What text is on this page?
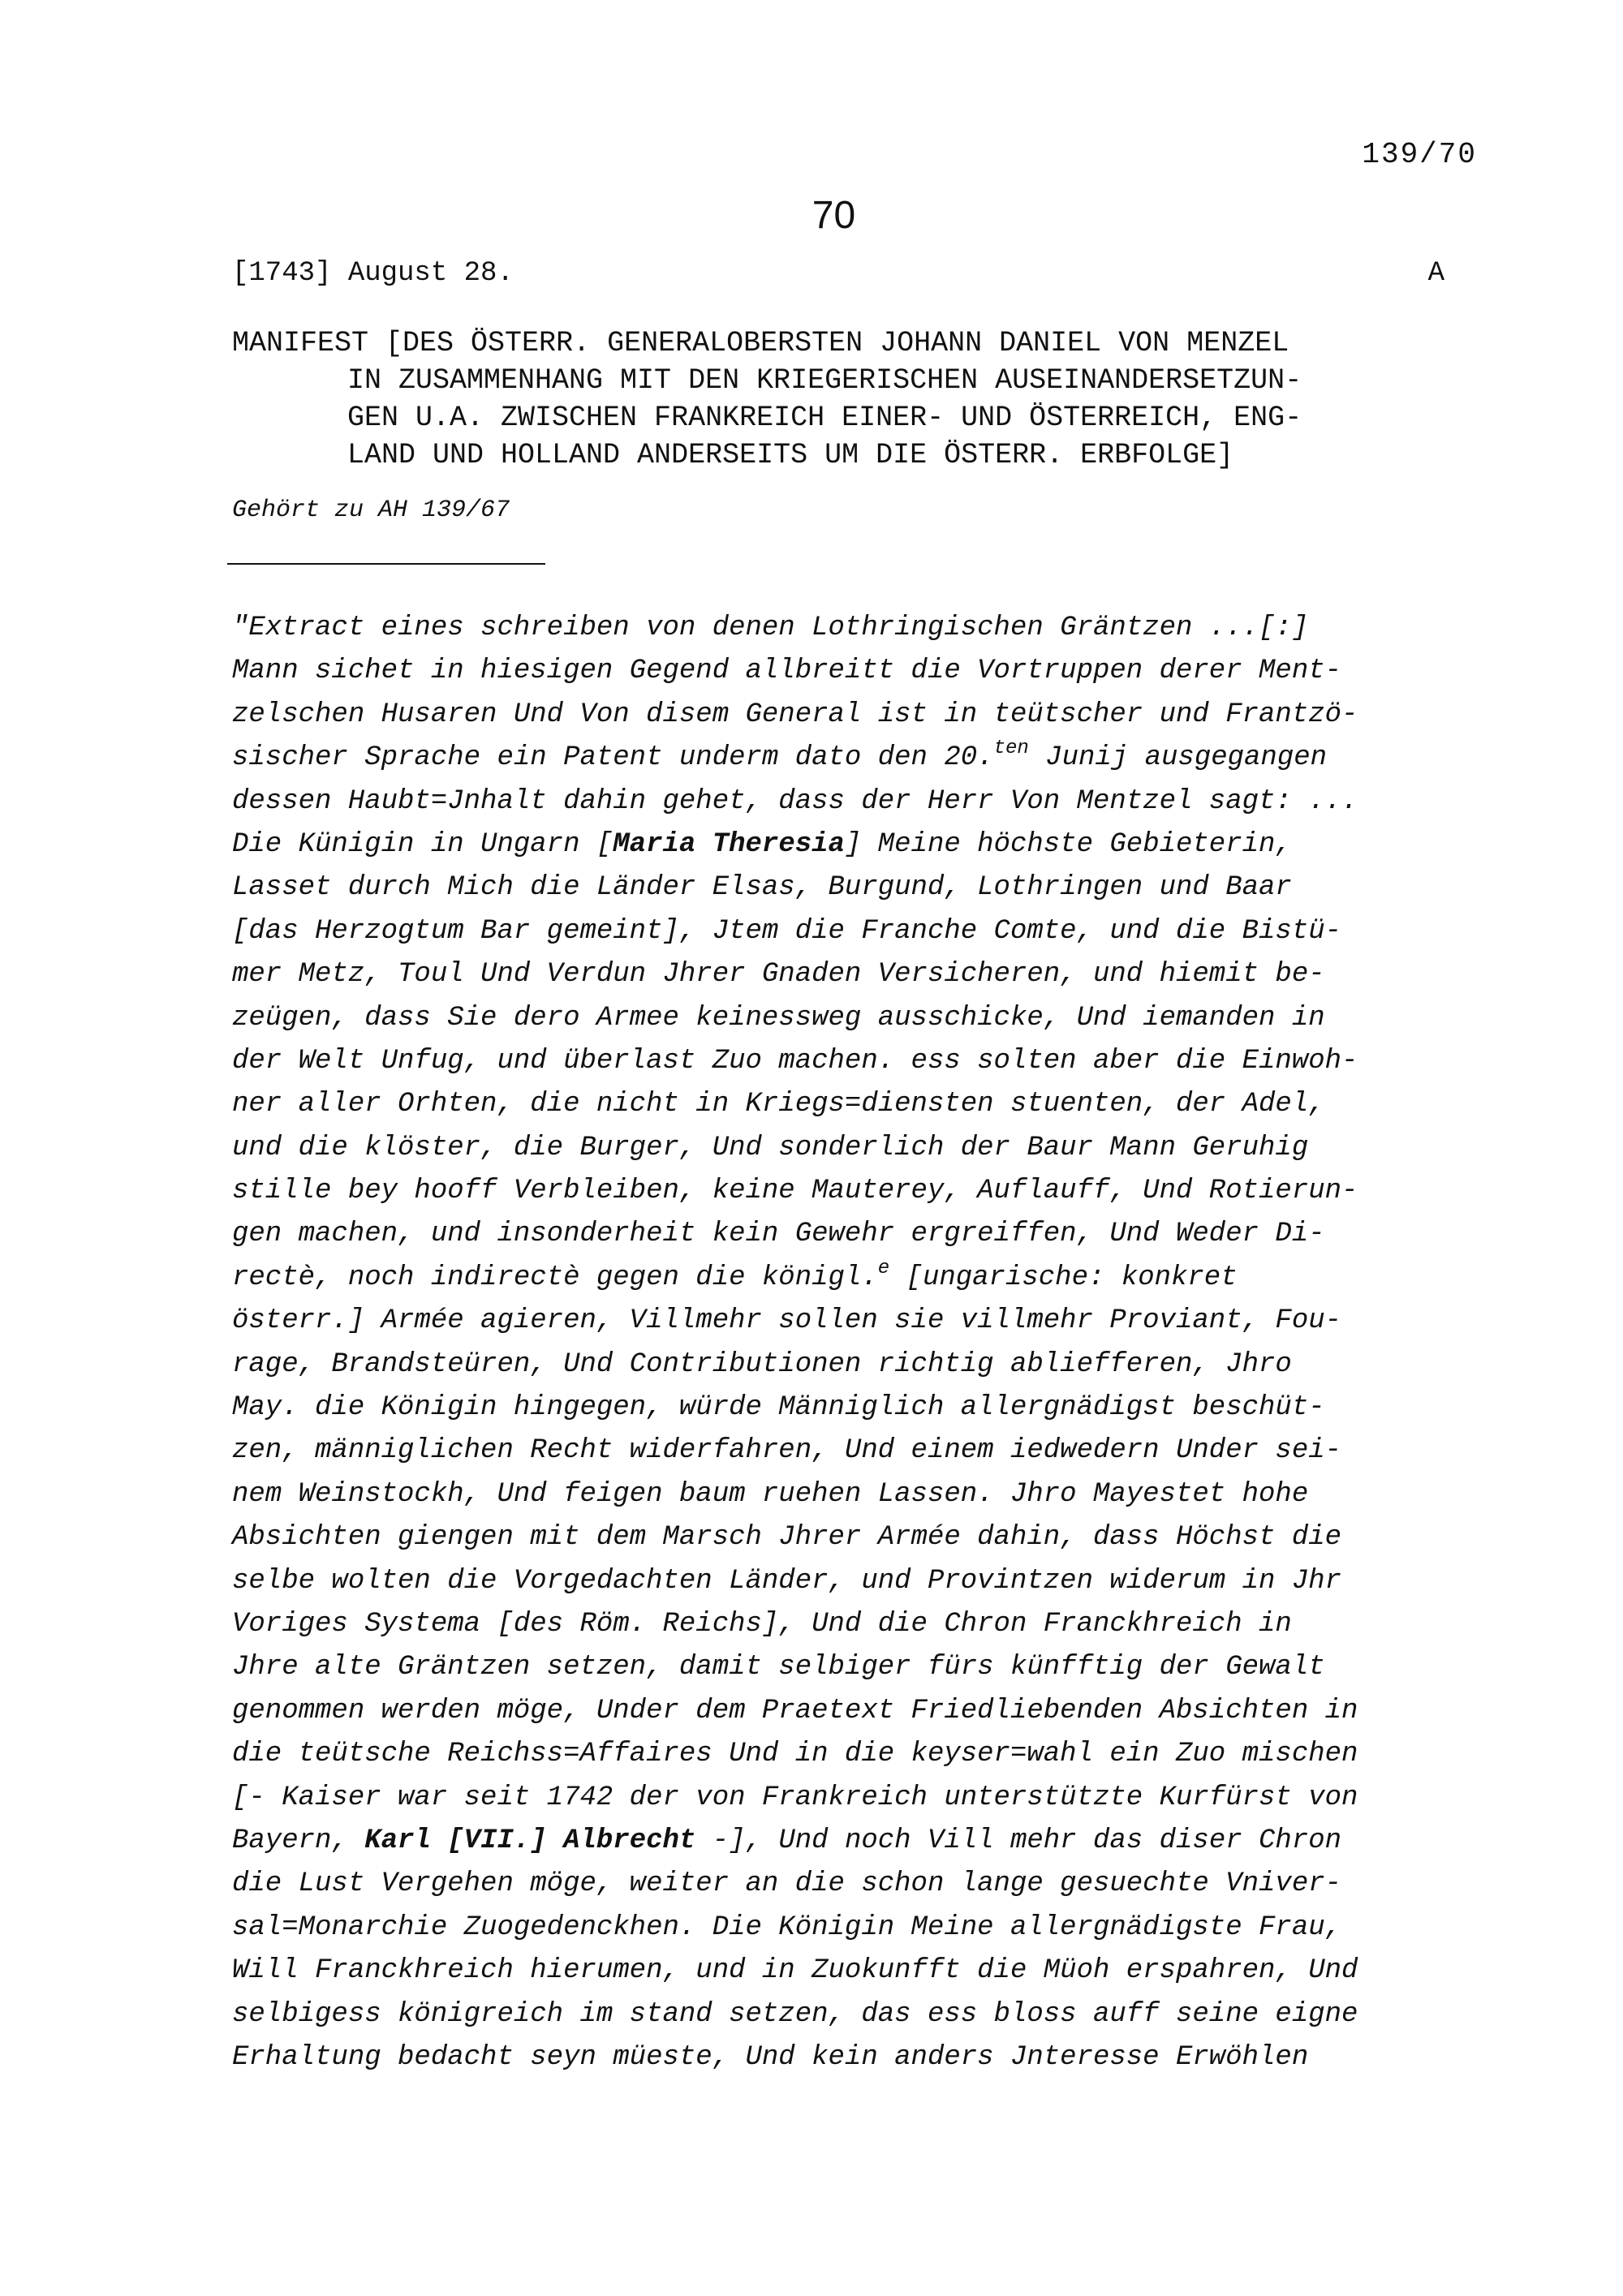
139/70
70
[1743] August 28.	A
MANIFEST [DES ÖSTERR. GENERALOBERSTEN JOHANN DANIEL VON MENZEL
IN ZUSAMMENHANG MIT DEN KRIEGERISCHEN AUSEINANDERSETZUN-
GEN U.A. ZWISCHEN FRANKREICH EINER- UND ÖSTERREICH, ENG-
LAND UND HOLLAND ANDERSEITS UM DIE ÖSTERR. ERBFOLGE]
Gehört zu AH 139/67
"Extract eines schreiben von denen Lothringischen Gräntzen ...[:]
Mann sichet in hiesigen Gegend allbreitt die Vortruppen derer Ment-
zelschen Husaren Und Von disem General ist in teütscher und Frantzö-
sischer Sprache ein Patent underm dato den 20.$^{ten}$ Junij ausgegangen
dessen Haubt=Jnhalt dahin gehet, dass der Herr Von Mentzel sagt: ...
Die Künigin in Ungarn [Maria Theresia] Meine höchste Gebieterin,
Lasset durch Mich die Länder Elsas, Burgund, Lothringen und Baar
[das Herzogtum Bar gemeint], Jtem die Franche Comte, und die Bistü-
mer Metz, Toul Und Verdun Jhrer Gnaden Versicheren, und hiemit be-
zeügen, dass Sie dero Armee keinessweg ausschicke, Und iemanden in
der Welt Unfug, und überlast Zuo machen. ess solten aber die Einwoh-
ner aller Orhten, die nicht in Kriegs=diensten stuenten, der Adel,
und die klöster, die Burger, Und sonderlich der Baur Mann Geruhig
stille bey hooff Verbleiben, keine Mauterey, Auflauff, Und Rotierun-
gen machen, und insonderheit kein Gewehr ergreiffen, Und Weder Di-
rectè, noch indirectè gegen die königl.$^e$ [ungarische: konkret
österr.] Armée agieren, Villmehr sollen sie villmehr Proviant, Fou-
rage, Brandsteüren, Und Contributionen richtig abliefferen, Jhro
May. die Königin hingegen, würde Männiglich allergnädigst beschüt-
zen, männiglichen Recht widerfahren, Und einem iedwedern Under sei-
nem Weinstockh, Und feigen baum ruehen Lassen. Jhro Mayestet hohe
Absichten giengen mit dem Marsch Jhrer Armée dahin, dass Höchst die
selbe wolten die Vorgedachten Länder, und Provintzen widerum in Jhr
Voriges Systema [des Röm. Reichs], Und die Chron Franckhreich in
Jhre alte Gräntzen setzen, damit selbiger fürs künfftig der Gewalt
genommen werden möge, Under dem Praetext Friedliebenden Absichten in
die teütsche Reichss=Affaires Und in die keyser=wahl ein Zuo mischen
[- Kaiser war seit 1742 der von Frankreich unterstützte Kurfürst von
Bayern, Karl [VII.] Albrecht -], Und noch Vill mehr das diser Chron
die Lust Vergehen möge, weiter an die schon lange gesuechte Vniver-
sal=Monarchie Zuogedenckhen. Die Königin Meine allergnädigste Frau,
Will Franckhreich hierumen, und in Zuokunfft die Müoh erspahren, Und
selbigess königreich im stand setzen, das ess bloss auff seine eigne
Erhaltung bedacht seyn müeste, Und kein anders Jnteresse Erwöhlen
